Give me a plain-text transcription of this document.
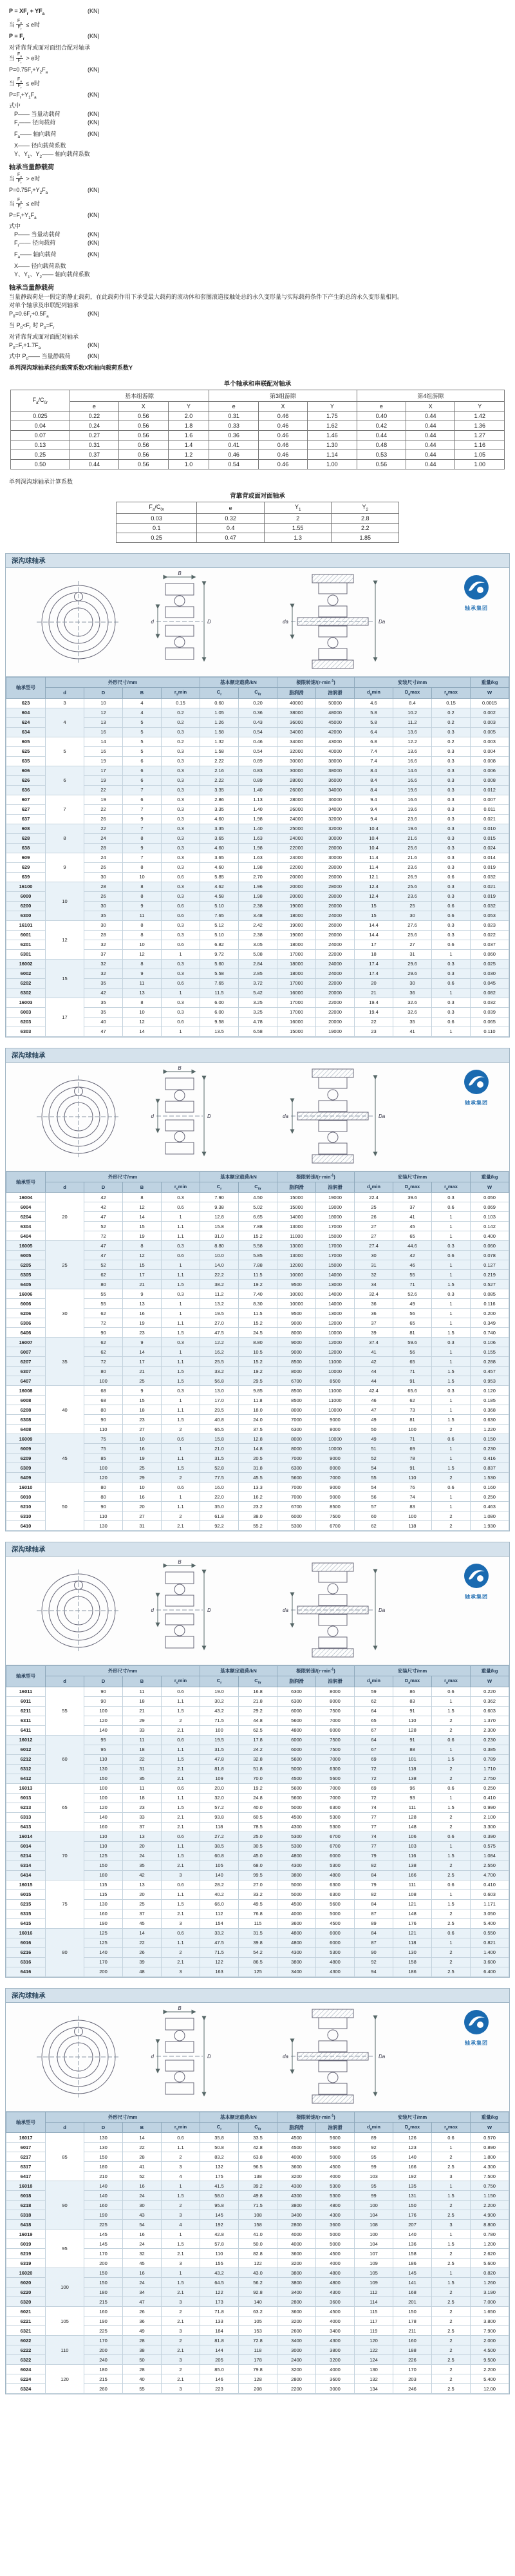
$P = XF_r + YF_a$	(KN)
当 $\frac{F_a}{F_r} \le e$时
$P = F_r$	(KN)
对背靠背或面对面组合配对轴承
当 $\frac{F_a}{F_r} > e$时
$P=0.75F_r+Y_2F_a$	(KN)
当 $\frac{F_a}{F_r} \le e$时
$P=F_r+Y_1F_a$	(KN)
式中
P—— 当量动载荷	(KN)
$F_r——$ 径向载荷	(KN)
$F_a——$ 轴向载荷	(KN)
X—— 径向载荷系数
Y、$Y_1$、$Y_2——$ 轴向载荷系数
轴承当量静载荷
当 $\frac{F_a}{F_r} > e$时
$P=0.75F_r+Y_2F_a$	(KN)
当 $\frac{F_a}{F_r} \le e$时
$P=F_r+Y_1F_a$	(KN)
式中
P—— 当量动载荷	(KN)
$F_r——$ 径向载荷	(KN)
$F_a——$ 轴向载荷	(KN)
X—— 径向载荷系数
Y、$Y_1$、$Y_2——$ 轴向载荷系数
轴承当量静载荷
当量静载荷是一假定的静止载荷，在此载荷作用下承受最大载荷的滚动体和套圈滚道接触处总的永久变形量与实际载荷条件下产生的总的永久变形量相同。
对单个轴承及串联配列轴承
$P_0=0.6F_r+0.5F_a$	(KN)
当 $P_0<F_r$ 时 $P_0=F_r$
对背靠背或面对面配对轴承
$P_0=F_r+1.7F_a$	(KN)
式中 $P_0——$ 当量静载荷	(KN)
单列深沟球轴承径向载荷系数X和轴向载荷系数Y
单个轴承和串联配对轴承
$F_a/C_{0r}$	基本组游隙			第3组游隙			第4组游隙		
	e	X	Y	e	X	Y	e	X	Y
0.025	0.22	0.56	2.0	0.31	0.46	1.75	0.40	0.44	1.42
0.04	0.24	0.56	1.8	0.33	0.46	1.62	0.42	0.44	1.36
0.07	0.27	0.56	1.6	0.36	0.46	1.46	0.44	0.44	1.27
0.13	0.31	0.56	1.4	0.41	0.46	1.30	0.48	0.44	1.16
0.25	0.37	0.56	1.2	0.46	0.46	1.14	0.53	0.44	1.05
0.50	0.44	0.56	1.0	0.54	0.46	1.00	0.56	0.44	1.00
单列深沟球轴承计算系数
背靠背或面对面轴承
$F_a/C_{0r}$	e	$Y_1$	$Y_2$
0.03	0.32	2	2.8
0.1	0.4	1.55	2.2
0.25	0.47	1.3	1.85
深沟球轴承
B
D
d	da	Da
轴承集团
轴承型号	外形尺寸/mm				基本额定载荷/kN		极限转速$/(r\cdot\min^{-1})$		安装尺寸/mm			重量/kg
	d	D	B	$r_s\min$	$C_r$	$C_{0r}$	脂润滑	油润滑	$d_a\min$	$D_a\max$	$r_a\max$	W
623	3	10	4	0.15	0.60	0.20	40000	50000	4.6	8.4	0.15	0.0015
604	4	12	4	0.2	1.05	0.36	38000	48000	5.8	10.2	0.2	0.002
624		13	5	0.2	1.26	0.43	36000	45000	5.8	11.2	0.2	0.003
634		16	5	0.3	1.58	0.54	34000	42000	6.4	13.6	0.3	0.005
605	5	14	5	0.2	1.32	0.46	34000	43000	6.8	12.2	0.2	0.003
625		16	5	0.3	1.58	0.54	32000	40000	7.4	13.6	0.3	0.004
635		19	6	0.3	2.22	0.89	30000	38000	7.4	16.6	0.3	0.008
606	6	17	6	0.3	2.16	0.83	30000	38000	8.4	14.6	0.3	0.006
626		19	6	0.3	2.22	0.89	28000	36000	8.4	16.6	0.3	0.008
636		22	7	0.3	3.35	1.40	26000	34000	8.4	19.6	0.3	0.012
607	7	19	6	0.3	2.86	1.13	28000	36000	9.4	16.6	0.3	0.007
627		22	7	0.3	3.35	1.40	26000	34000	9.4	19.6	0.3	0.011
637		26	9	0.3	4.60	1.98	24000	32000	9.4	23.6	0.3	0.021
608	8	22	7	0.3	3.35	1.40	25000	32000	10.4	19.6	0.3	0.010
628		24	8	0.3	3.65	1.63	24000	30000	10.4	21.6	0.3	0.015
638		28	9	0.3	4.60	1.98	22000	28000	10.4	25.6	0.3	0.024
609	9	24	7	0.3	3.65	1.63	24000	30000	11.4	21.6	0.3	0.014
629		26	8	0.3	4.60	1.98	22000	28000	11.4	23.6	0.3	0.019
639		30	10	0.6	5.85	2.70	20000	26000	12.1	26.9	0.6	0.032
16100	10	28	8	0.3	4.62	1.96	20000	28000	12.4	25.6	0.3	0.021
6000		26	8	0.3	4.58	1.98	20000	28000	12.4	23.6	0.3	0.019
6200		30	9	0.6	5.10	2.38	19000	26000	15	25	0.6	0.032
6300		35	11	0.6	7.65	3.48	18000	24000	15	30	0.6	0.053
16101	12	30	8	0.3	5.12	2.42	19000	26000	14.4	27.6	0.3	0.023
6001		28	8	0.3	5.10	2.38	19000	26000	14.4	25.6	0.3	0.022
6201		32	10	0.6	6.82	3.05	18000	24000	17	27	0.6	0.037
6301		37	12	1	9.72	5.08	17000	22000	18	31	1	0.060
16002	15	32	8	0.3	5.60	2.84	18000	24000	17.4	29.6	0.3	0.025
6002		32	9	0.3	5.58	2.85	18000	24000	17.4	29.6	0.3	0.030
6202		35	11	0.6	7.65	3.72	17000	22000	20	30	0.6	0.045
6302		42	13	1	11.5	5.42	16000	20000	21	36	1	0.082
16003	17	35	8	0.3	6.00	3.25	17000	22000	19.4	32.6	0.3	0.032
6003		35	10	0.3	6.00	3.25	17000	22000	19.4	32.6	0.3	0.039
6203		40	12	0.6	9.58	4.78	16000	20000	22	35	0.6	0.065
6303		47	14	1	13.5	6.58	15000	19000	23	41	1	0.110
深沟球轴承
B
D
d	da	Da
轴承集团
轴承型号	外形尺寸/mm				基本额定载荷/kN		极限转速$/(r\cdot\min^{-1})$		安装尺寸/mm			重量/kg
	d	D	B	$r_s\min$	$C_r$	$C_{0r}$	脂润滑	油润滑	$d_a\min$	$D_a\max$	$r_a\max$	W
16004	20	42	8	0.3	7.90	4.50	15000	19000	22.4	39.6	0.3	0.050
6004		42	12	0.6	9.38	5.02	15000	19000	25	37	0.6	0.069
6204		47	14	1	12.8	6.65	14000	18000	26	41	1	0.103
6304		52	15	1.1	15.8	7.88	13000	17000	27	45	1	0.142
6404		72	19	1.1	31.0	15.2	11000	15000	27	65	1	0.400
16005	25	47	8	0.3	8.80	5.58	13000	17000	27.4	44.6	0.3	0.060
6005		47	12	0.6	10.0	5.85	13000	17000	30	42	0.6	0.078
6205		52	15	1	14.0	7.88	12000	15000	31	46	1	0.127
6305		62	17	1.1	22.2	11.5	10000	14000	32	55	1	0.219
6405		80	21	1.5	38.2	19.2	9500	13000	34	71	1.5	0.527
16006	30	55	9	0.3	11.2	7.40	10000	14000	32.4	52.6	0.3	0.085
6006		55	13	1	13.2	8.30	10000	14000	36	49	1	0.116
6206		62	16	1	19.5	11.5	9500	13000	36	56	1	0.200
6306		72	19	1.1	27.0	15.2	9000	12000	37	65	1	0.349
6406		90	23	1.5	47.5	24.5	8000	10000	39	81	1.5	0.740
16007	35	62	9	0.3	12.2	8.80	9000	12000	37.4	59.6	0.3	0.106
6007		62	14	1	16.2	10.5	9000	12000	41	56	1	0.155
6207		72	17	1.1	25.5	15.2	8500	11000	42	65	1	0.288
6307		80	21	1.5	33.2	19.2	8000	10000	44	71	1.5	0.457
6407		100	25	1.5	56.8	29.5	6700	8500	44	91	1.5	0.953
16008	40	68	9	0.3	13.0	9.85	8500	11000	42.4	65.6	0.3	0.120
6008		68	15	1	17.0	11.8	8500	11000	46	62	1	0.185
6208		80	18	1.1	29.5	18.0	8000	10000	47	73	1	0.368
6308		90	23	1.5	40.8	24.0	7000	9000	49	81	1.5	0.630
6408		110	27	2	65.5	37.5	6300	8000	50	100	2	1.220
16009	45	75	10	0.6	15.8	12.8	8000	10000	49	71	0.6	0.150
6009		75	16	1	21.0	14.8	8000	10000	51	69	1	0.230
6209		85	19	1.1	31.5	20.5	7000	9000	52	78	1	0.416
6309		100	25	1.5	52.8	31.8	6300	8000	54	91	1.5	0.837
6409		120	29	2	77.5	45.5	5600	7000	55	110	2	1.530
16010	50	80	10	0.6	16.0	13.3	7000	9000	54	76	0.6	0.160
6010		80	16	1	22.0	16.2	7000	9000	56	74	1	0.250
6210		90	20	1.1	35.0	23.2	6700	8500	57	83	1	0.463
6310		110	27	2	61.8	38.0	6000	7500	60	100	2	1.080
6410		130	31	2.1	92.2	55.2	5300	6700	62	118	2	1.930
深沟球轴承
B
D
d	da	Da
轴承集团
轴承型号	外形尺寸/mm				基本额定载荷/kN		极限转速$/(r\cdot\min^{-1})$		安装尺寸/mm			重量/kg
	d	D	B	$r_s\min$	$C_r$	$C_{0r}$	脂润滑	油润滑	$d_a\min$	$D_a\max$	$r_a\max$	W
16011	55	90	11	0.6	19.0	16.8	6300	8000	59	86	0.6	0.220
6011		90	18	1.1	30.2	21.8	6300	8000	62	83	1	0.362
6211		100	21	1.5	43.2	29.2	6000	7500	64	91	1.5	0.603
6311		120	29	2	71.5	44.8	5600	7000	65	110	2	1.370
6411		140	33	2.1	100	62.5	4800	6000	67	128	2	2.300
16012	60	95	11	0.6	19.5	17.8	6000	7500	64	91	0.6	0.230
6012		95	18	1.1	31.5	24.2	6000	7500	67	88	1	0.385
6212		110	22	1.5	47.8	32.8	5600	7000	69	101	1.5	0.789
6312		130	31	2.1	81.8	51.8	5000	6300	72	118	2	1.710
6412		150	35	2.1	109	70.0	4500	5600	72	138	2	2.750
16013	65	100	11	0.6	20.0	19.2	5600	7000	69	96	0.6	0.250
6013		100	18	1.1	32.0	24.8	5600	7000	72	93	1	0.410
6213		120	23	1.5	57.2	40.0	5000	6300	74	111	1.5	0.990
6313		140	33	2.1	93.8	60.5	4500	5300	77	128	2	2.100
6413		160	37	2.1	118	78.5	4300	5300	77	148	2	3.300
16014	70	110	13	0.6	27.2	25.0	5300	6700	74	106	0.6	0.390
6014		110	20	1.1	38.5	30.5	5300	6700	77	103	1	0.575
6214		125	24	1.5	60.8	45.0	4800	6000	79	116	1.5	1.084
6314		150	35	2.1	105	68.0	4300	5300	82	138	2	2.550
6414		180	42	3	140	99.5	3800	4800	84	166	2.5	4.700
16015	75	115	13	0.6	28.2	27.0	5000	6300	79	111	0.6	0.410
6015		115	20	1.1	40.2	33.2	5000	6300	82	108	1	0.603
6215		130	25	1.5	66.0	49.5	4500	5600	84	121	1.5	1.171
6315		160	37	2.1	112	76.8	4000	5000	87	148	2	3.050
6415		190	45	3	154	115	3600	4500	89	176	2.5	5.400
16016	80	125	14	0.6	33.2	31.5	4800	6000	84	121	0.6	0.550
6016		125	22	1.1	47.5	39.8	4800	6000	87	118	1	0.821
6216		140	26	2	71.5	54.2	4300	5300	90	130	2	1.400
6316		170	39	2.1	122	86.5	3800	4800	92	158	2	3.600
6416		200	48	3	163	125	3400	4300	94	186	2.5	6.400
深沟球轴承
B
D
d	da	Da
轴承集团
轴承型号	外形尺寸/mm				基本额定载荷/kN		极限转速$/(r\cdot\min^{-1})$		安装尺寸/mm			重量/kg
	d	D	B	$r_s\min$	$C_r$	$C_{0r}$	脂润滑	油润滑	$d_a\min$	$D_a\max$	$r_a\max$	W
16017	85	130	14	0.6	35.8	33.5	4500	5600	89	126	0.6	0.570
6017		130	22	1.1	50.8	42.8	4500	5600	92	123	1	0.890
6217		150	28	2	83.2	63.8	4000	5000	95	140	2	1.800
6317		180	41	3	132	96.5	3600	4500	99	166	2.5	4.300
6417		210	52	4	175	138	3200	4000	103	192	3	7.500
16018	90	140	16	1	41.5	39.2	4300	5300	95	135	1	0.750
6018		140	24	1.5	58.0	49.8	4300	5300	99	131	1.5	1.150
6218		160	30	2	95.8	71.5	3800	4800	100	150	2	2.200
6318		190	43	3	145	108	3400	4300	104	176	2.5	4.900
6418		225	54	4	192	158	2800	3600	108	207	3	8.800
16019	95	145	16	1	42.8	41.0	4000	5000	100	140	1	0.780
6019		145	24	1.5	57.8	50.0	4000	5000	104	136	1.5	1.200
6219		170	32	2.1	110	82.8	3600	4500	107	158	2	2.620
6319		200	45	3	155	122	3200	4000	109	186	2.5	5.600
16020	100	150	16	1	43.2	43.0	3800	4800	105	145	1	0.820
6020		150	24	1.5	64.5	56.2	3800	4800	109	141	1.5	1.260
6220		180	34	2.1	122	92.8	3400	4300	112	168	2	3.190
6320		215	47	3	173	140	2800	3600	114	201	2.5	7.000
6021	105	160	26	2	71.8	63.2	3600	4500	115	150	2	1.650
6221		190	36	2.1	133	105	3200	4000	117	178	2	3.800
6321		225	49	3	184	153	2600	3400	119	211	2.5	7.900
6022	110	170	28	2	81.8	72.8	3400	4300	120	160	2	2.000
6222		200	38	2.1	144	118	3000	3800	122	188	2	4.500
6322		240	50	3	205	178	2400	3200	124	226	2.5	9.500
6024	120	180	28	2	85.0	79.8	3200	4000	130	170	2	2.200
6224		215	40	2.1	146	128	2800	3600	132	203	2	5.400
6324		260	55	3	223	208	2200	3000	134	246	2.5	12.00
